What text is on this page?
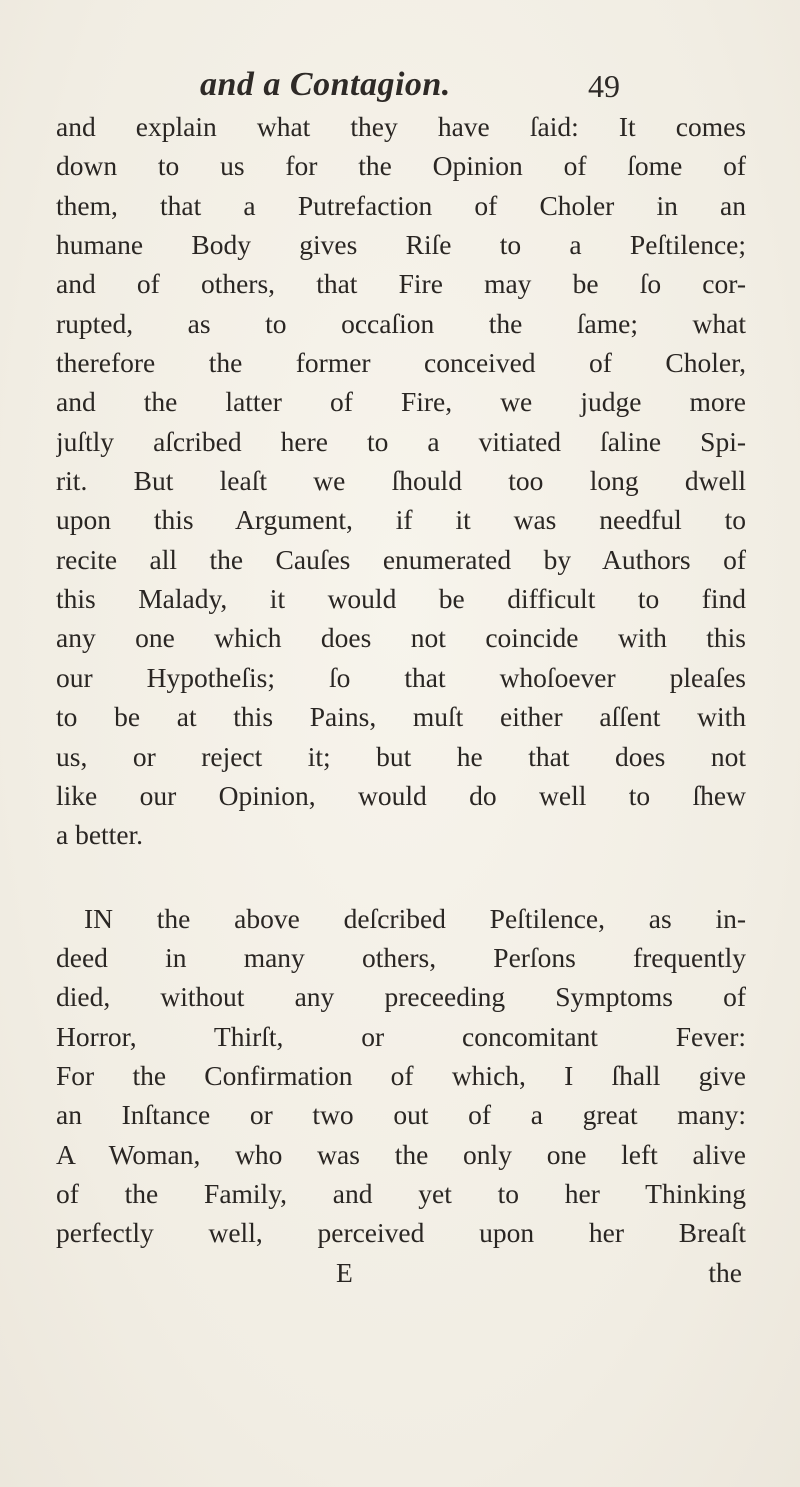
and a Contagion.	49
and explain what they have ſaid: It comes
down to us for the Opinion of ſome of
them, that a Putrefaction of Choler in an
humane Body gives Riſe to a Peſtilence;
and of others, that Fire may be ſo cor-
rupted, as to occaſion the ſame; what
therefore the former conceived of Choler,
and the latter of Fire, we judge more
juſtly aſcribed here to a vitiated ſaline Spi-
rit. But leaſt we ſhould too long dwell
upon this Argument, if it was needful to
recite all the Cauſes enumerated by Authors of
this Malady, it would be difficult to find
any one which does not coincide with this
our Hypotheſis; ſo that whoſoever pleaſes
to be at this Pains, muſt either aſſent with
us, or reject it; but he that does not
like our Opinion, would do well to ſhew
a better.
IN the above deſcribed Peſtilence, as in-
deed in many others, Perſons frequently
died, without any preceeding Symptoms of
Horror, Thirſt, or concomitant Fever:
For the Confirmation of which, I ſhall give
an Inſtance or two out of a great many:
A Woman, who was the only one left alive
of the Family, and yet to her Thinking
perfectly well, perceived upon her Breaſt
E	the
